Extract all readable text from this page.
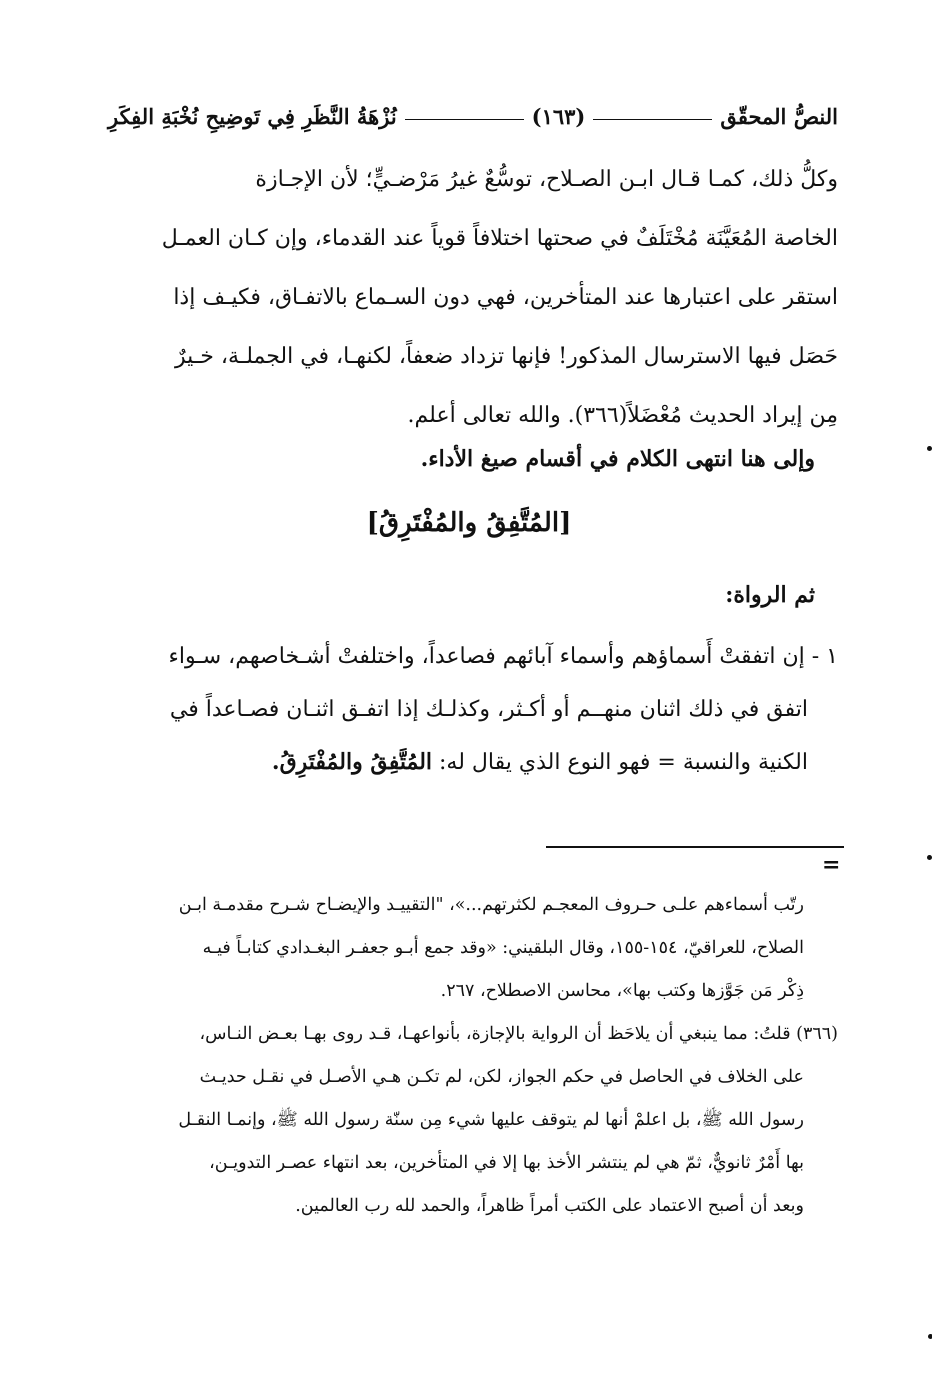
النصُّ المحقّق
(١٦٣)
نُزْهَةُ النَّظَرِ فِي تَوضِيحِ نُخْبَةِ الفِكَرِ
وكلُّ ذلك، كمـا قـال ابـن الصـلاح، توسُّعٌ غيرُ مَرْضـيٍّ؛ لأن الإجـازة
الخاصة المُعَيَّنَة مُخْتَلَفٌ في صحتها اختلافاً قوياً عند القدماء، وإن كـان العمـل
استقر على اعتبارها عند المتأخرين، فهي دون السـماع بالاتفـاق، فكيـف إذا
حَصَل فيها الاسترسال المذكور! فإنها تزداد ضعفاً، لكنهـا، في الجملـة، خـيرٌ
مِن إيراد الحديث مُعْضَلاً(٣٦٦). والله تعالى أعلم.
وإلى هنا انتهى الكلام في أقسام صيغ الأداء.
[المُتَّفِقُ والمُفْتَرِقُ]
ثم الرواة:
١ - إن اتفقتْ أَسماؤهم وأسماء آبائهم فصاعداً، واختلفتْ أشـخاصهم، سـواء
اتفق في ذلك اثنان منهــم أو أكـثر، وكذلـك إذا اتفـق اثنـان فصـاعداً في
الكنية والنسبة = فهو النوع الذي يقال له: المُتَّفِقُ والمُفْتَرِقُ.
=
رتّب أسماءهم علـى حـروف المعجـم لكثرتهم...»، "التقييـد والإيضـاح شـرح مقدمـة ابـن
الصلاح، للعراقيّ، ١٥٤-١٥٥، وقال البلقيني: «وقد جمع أبـو جعفـر البغـدادي كتابـاً فيـه
ذِكْر مَن جَوَّزها وكتب بها»، محاسن الاصطلاح، ٢٦٧.
(٣٦٦) قلتُ: مما ينبغي أن يلاحَظ أن الرواية بالإجازة، بأنواعهـا، قـد روى بهـا بعـض النـاس،
على الخلاف في الحاصل في حكم الجواز، لكن، لم تكـن هـي الأصـل في نقـل حديـث
رسول الله ﷺ، بل اعلمْ أنها لم يتوقف عليها شيء مِن سنّة رسول الله ﷺ، وإنمـا النقـل
بها أَمْرٌ ثانويٌّ، ثمّ هي لم ينتشر الأخذ بها إلا في المتأخرين، بعد انتهاء عصـر التدويـن،
وبعد أن أصبح الاعتماد على الكتب أمراً ظاهراً، والحمد لله رب العالمين.
